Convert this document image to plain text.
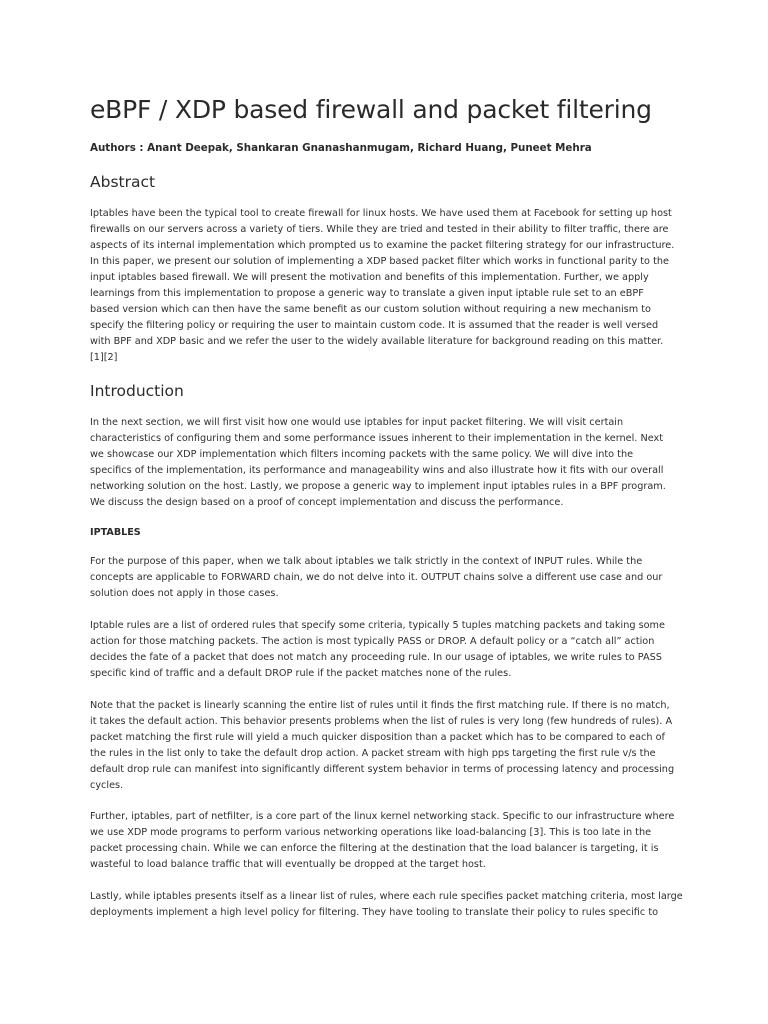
eBPF / XDP based firewall and packet filtering
Authors : Anant Deepak, Shankaran Gnanashanmugam, Richard Huang, Puneet Mehra
Abstract
Iptables have been the typical tool to create firewall for linux hosts. We have used them at Facebook for setting up host
firewalls on our servers across a variety of tiers. While they are tried and tested in their ability to filter traffic, there are
aspects of its internal implementation which prompted us to examine the packet filtering strategy for our infrastructure.
In this paper, we present our solution of implementing a XDP based packet filter which works in functional parity to the
input iptables based firewall. We will present the motivation and benefits of this implementation. Further, we apply
learnings from this implementation to propose a generic way to translate a given input iptable rule set to an eBPF
based version which can then have the same benefit as our custom solution without requiring a new mechanism to
specify the filtering policy or requiring the user to maintain custom code. It is assumed that the reader is well versed
with BPF and XDP basic and we refer the user to the widely available literature for background reading on this matter.
[1][2]
Introduction
In the next section, we will first visit how one would use iptables for input packet filtering. We will visit certain
characteristics of configuring them and some performance issues inherent to their implementation in the kernel. Next
we showcase our XDP implementation which filters incoming packets with the same policy. We will dive into the
specifics of the implementation, its performance and manageability wins and also illustrate how it fits with our overall
networking solution on the host. Lastly, we propose a generic way to implement input iptables rules in a BPF program.
We discuss the design based on a proof of concept implementation and discuss the performance.
IPTABLES
For the purpose of this paper, when we talk about iptables we talk strictly in the context of INPUT rules. While the
concepts are applicable to FORWARD chain, we do not delve into it. OUTPUT chains solve a different use case and our
solution does not apply in those cases.
Iptable rules are a list of ordered rules that specify some criteria, typically 5 tuples matching packets and taking some
action for those matching packets. The action is most typically PASS or DROP. A default policy or a “catch all” action
decides the fate of a packet that does not match any proceeding rule. In our usage of iptables, we write rules to PASS
specific kind of traffic and a default DROP rule if the packet matches none of the rules.
Note that the packet is linearly scanning the entire list of rules until it finds the first matching rule. If there is no match,
it takes the default action. This behavior presents problems when the list of rules is very long (few hundreds of rules). A
packet matching the first rule will yield a much quicker disposition than a packet which has to be compared to each of
the rules in the list only to take the default drop action. A packet stream with high pps targeting the first rule v/s the
default drop rule can manifest into significantly different system behavior in terms of processing latency and processing
cycles.
Further, iptables, part of netfilter, is a core part of the linux kernel networking stack. Specific to our infrastructure where
we use XDP mode programs to perform various networking operations like load-balancing [3]. This is too late in the
packet processing chain. While we can enforce the filtering at the destination that the load balancer is targeting, it is
wasteful to load balance traffic that will eventually be dropped at the target host.
Lastly, while iptables presents itself as a linear list of rules, where each rule specifies packet matching criteria, most large
deployments implement a high level policy for filtering. They have tooling to translate their policy to rules specific to
